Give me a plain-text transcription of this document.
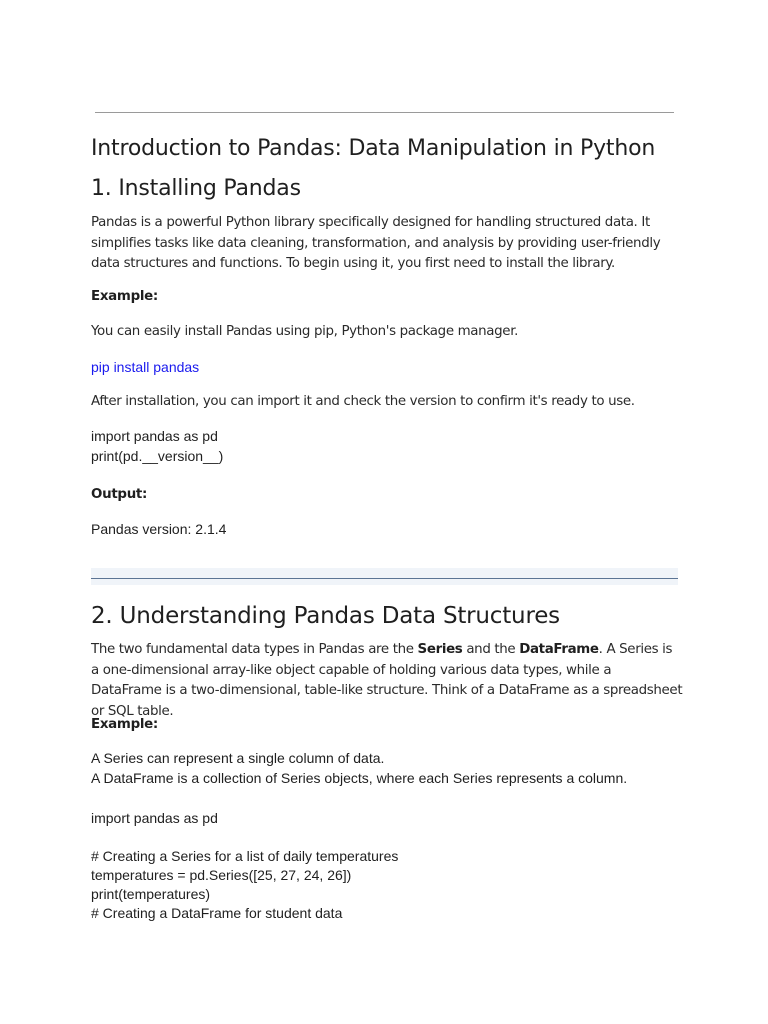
Introduction to Pandas: Data Manipulation in Python
1. Installing Pandas

Pandas is a powerful Python library specifically designed for handling structured data. It simplifies tasks like data cleaning, transformation, and analysis by providing user-friendly data structures and functions. To begin using it, you first need to install the library.

Example:

You can easily install Pandas using pip, Python's package manager.

pip install pandas

After installation, you can import it and check the version to confirm it's ready to use.

import pandas as pd

print(pd.__version__)

Output:

Pandas version: 2.1.4

2. Understanding Pandas Data Structures

The two fundamental data types in Pandas are the Series and the DataFrame. A Series is a one-dimensional array-like object capable of holding various data types, while a DataFrame is a two-dimensional, table-like structure. Think of a DataFrame as a spreadsheet or SQL table.

Example:

A Series can represent a single column of data.

A DataFrame is a collection of Series objects, where each Series represents a column.

import pandas as pd

# Creating a Series for a list of daily temperatures

temperatures = pd.Series([25, 27, 24, 26])

print(temperatures)

# Creating a DataFrame for student data
